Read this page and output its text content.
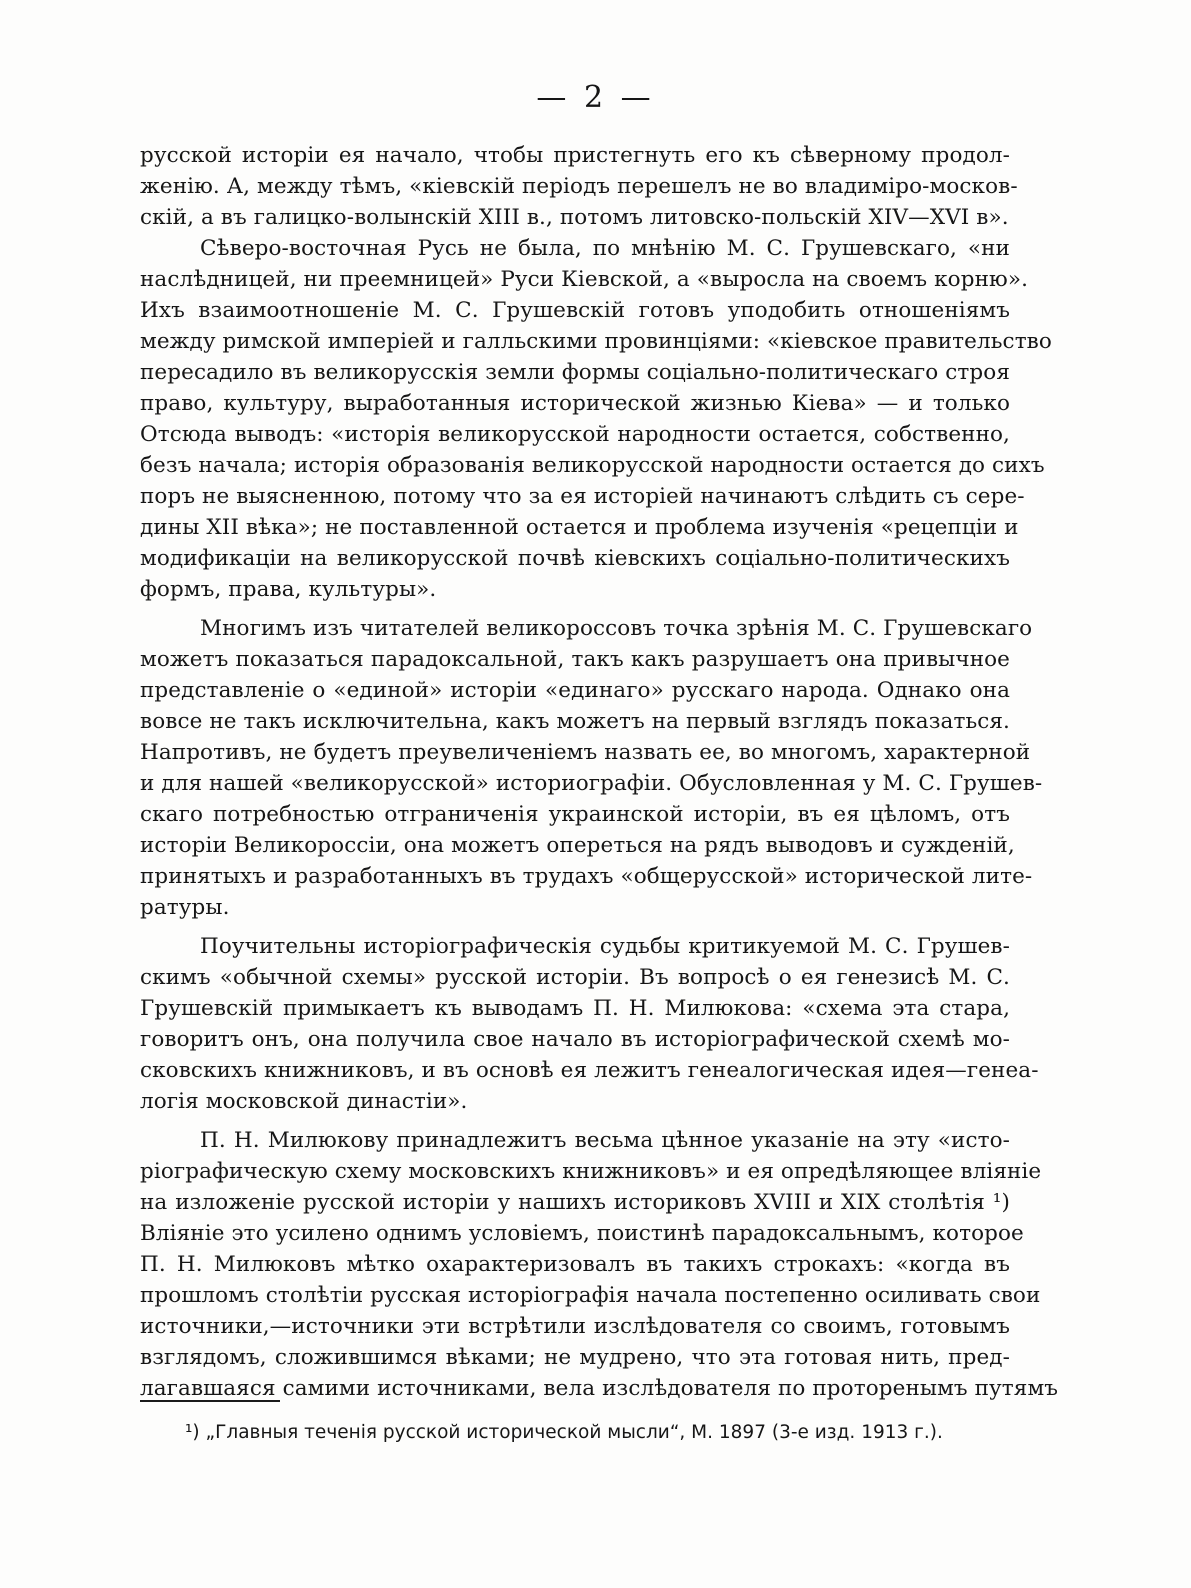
— 2 —
русской исторіи ея начало, чтобы пристегнуть его къ сѣверному продол-
женію. А, между тѣмъ, «кіевскій періодъ перешелъ не во владиміро-москов-
скій, а въ галицко-волынскій XIII в., потомъ литовско-польскій XIV—XVI в».
Сѣверо-восточная Русь не была, по мнѣнію М. С. Грушевскаго, «ни
наслѣдницей, ни преемницей» Руси Кіевской, а «выросла на своемъ корню».
Ихъ взаимоотношеніе М. С. Грушевскій готовъ уподобить отношеніямъ
между римской имперіей и галльскими провинціями: «кіевское правительство
пересадило въ великорусскія земли формы соціально-политическаго строя
право, культуру, выработанныя исторической жизнью Кіева» — и только
Отсюда выводъ: «исторія великорусской народности остается, собственно,
безъ начала; исторія образованія великорусской народности остается до сихъ
поръ не выясненною, потому что за ея исторіей начинаютъ слѣдить съ сере-
дины XII вѣка»; не поставленной остается и проблема изученія «рецепціи и
модификаціи на великорусской почвѣ кіевскихъ соціально-политическихъ
формъ, права, культуры».
Многимъ изъ читателей великороссовъ точка зрѣнія М. С. Грушевскаго
можетъ показаться парадоксальной, такъ какъ разрушаетъ она привычное
представленіе о «единой» исторіи «единаго» русскаго народа. Однако она
вовсе не такъ исключительна, какъ можетъ на первый взглядъ показаться.
Напротивъ, не будетъ преувеличеніемъ назвать ее, во многомъ, характерной
и для нашей «великорусской» историографіи. Обусловленная у М. С. Грушев-
скаго потребностью отграниченія украинской исторіи, въ ея цѣломъ, отъ
исторіи Великороссіи, она можетъ опереться на рядъ выводовъ и сужденій,
принятыхъ и разработанныхъ въ трудахъ «общерусской» исторической лите-
ратуры.
Поучительны исторіографическія судьбы критикуемой М. С. Грушев-
скимъ «обычной схемы» русской исторіи. Въ вопросѣ о ея генезисѣ М. С.
Грушевскій примыкаетъ къ выводамъ П. Н. Милюкова: «схема эта стара,
говоритъ онъ, она получила свое начало въ исторіографической схемѣ мо-
сковскихъ книжниковъ, и въ основѣ ея лежитъ генеалогическая идея—генеа-
логія московской династіи».
П. Н. Милюкову принадлежитъ весьма цѣнное указаніе на эту «исто-
ріографическую схему московскихъ книжниковъ» и ея опредѣляющее вліяніе
на изложеніе русской исторіи у нашихъ историковъ XVIII и XIX столѣтія ¹)
Вліяніе это усилено однимъ условіемъ, поистинѣ парадоксальнымъ, которое
П. Н. Милюковъ мѣтко охарактеризовалъ въ такихъ строкахъ: «когда въ
прошломъ столѣтіи русская исторіографія начала постепенно осиливать свои
источники,—источники эти встрѣтили изслѣдователя со своимъ, готовымъ
взглядомъ, сложившимся вѣками; не мудрено, что эта готовая нить, пред-
лагавшаяся самими источниками, вела изслѣдователя по проторенымъ путямъ
¹) „Главныя теченія русской исторической мысли“, М. 1897 (3-е изд. 1913 г.).
